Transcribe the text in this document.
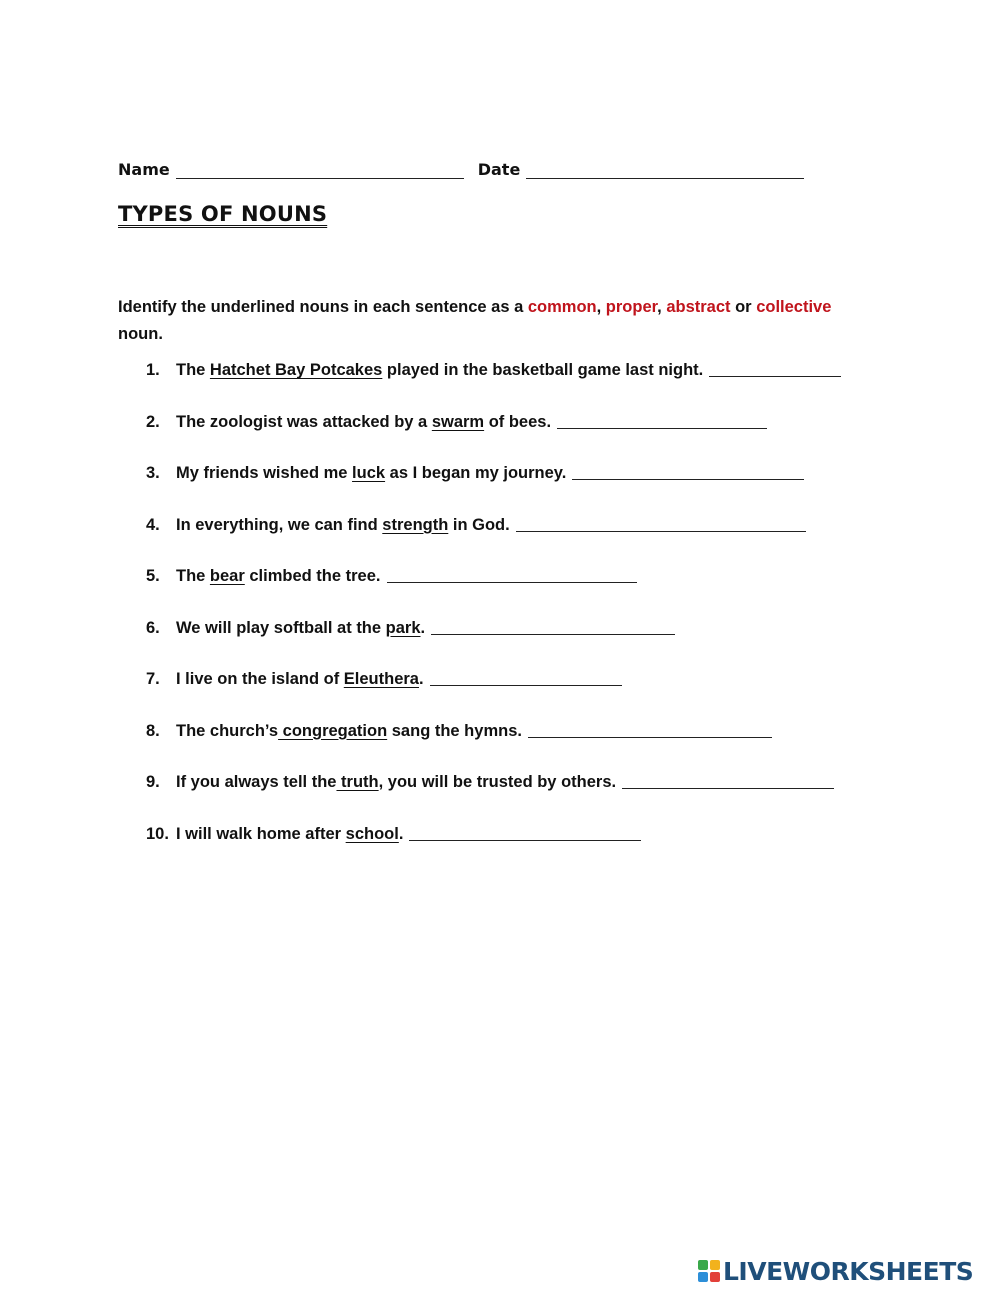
Name	Date
TYPES OF NOUNS
Identify the underlined nouns in each sentence as a common, proper, abstract or collective noun.
1. The Hatchet Bay Potcakes played in the basketball game last night.
2. The zoologist was attacked by a swarm of bees.
3. My friends wished me luck as I began my journey.
4. In everything, we can find strength in God.
5. The bear climbed the tree.
6. We will play softball at the park.
7. I live on the island of Eleuthera.
8. The church’s congregation sang the hymns.
9. If you always tell the truth, you will be trusted by others.
10. I will walk home after school.
LIVEWORKSHEETS
